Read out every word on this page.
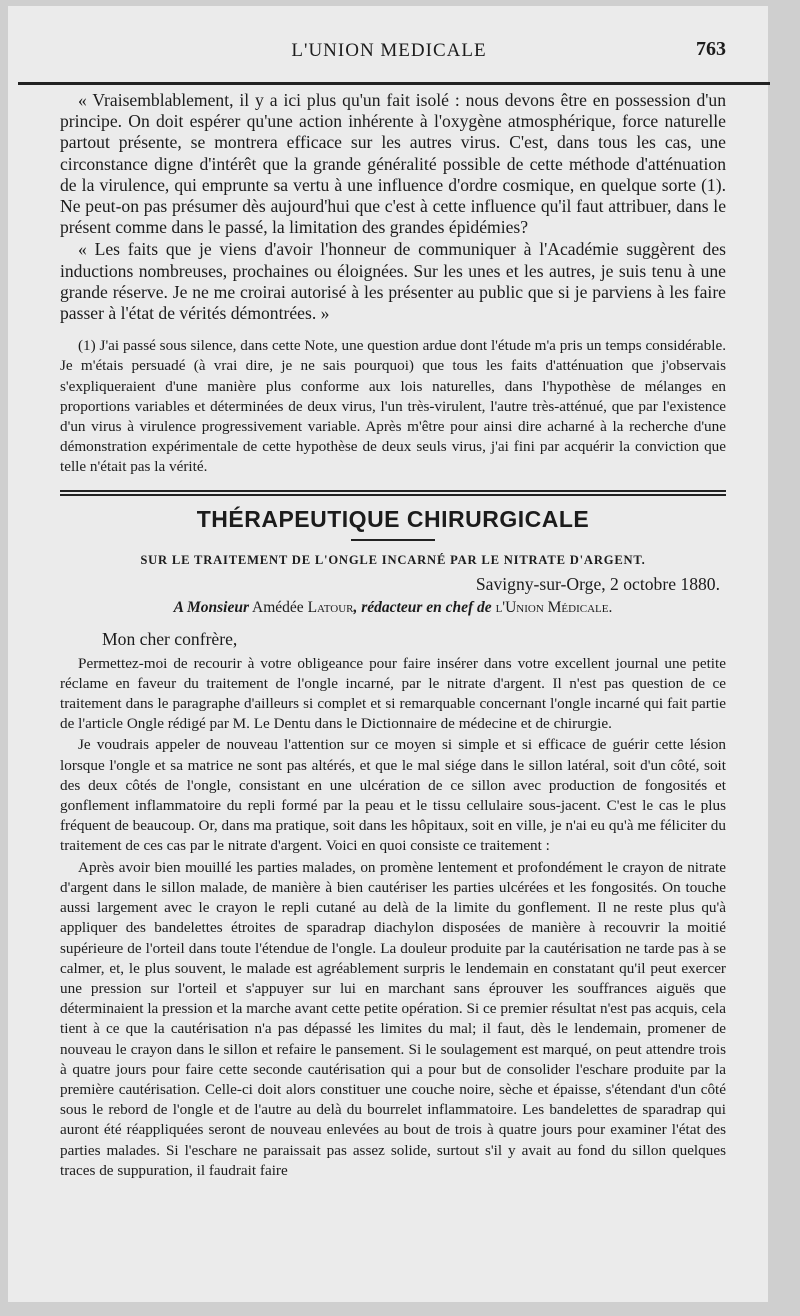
L'UNION MEDICALE	763

« Vraisemblablement, il y a ici plus qu'un fait isolé : nous devons être en possession d'un principe. On doit espérer qu'une action inhérente à l'oxygène atmosphérique, force naturelle partout présente, se montrera efficace sur les autres virus. C'est, dans tous les cas, une circonstance digne d'intérêt que la grande généralité possible de cette méthode d'atténuation de la virulence, qui emprunte sa vertu à une influence d'ordre cosmique, en quelque sorte (1). Ne peut-on pas présumer dès aujourd'hui que c'est à cette influence qu'il faut attribuer, dans le présent comme dans le passé, la limitation des grandes épidémies?

« Les faits que je viens d'avoir l'honneur de communiquer à l'Académie suggèrent des inductions nombreuses, prochaines ou éloignées. Sur les unes et les autres, je suis tenu à une grande réserve. Je ne me croirai autorisé à les présenter au public que si je parviens à les faire passer à l'état de vérités démontrées. »

(1) J'ai passé sous silence, dans cette Note, une question ardue dont l'étude m'a pris un temps considérable. Je m'étais persuadé (à vrai dire, je ne sais pourquoi) que tous les faits d'atténuation que j'observais s'expliqueraient d'une manière plus conforme aux lois naturelles, dans l'hypothèse de mélanges en proportions variables et déterminées de deux virus, l'un très-virulent, l'autre très-atténué, que par l'existence d'un virus à virulence progressivement variable. Après m'être pour ainsi dire acharné à la recherche d'une démonstration expérimentale de cette hypothèse de deux seuls virus, j'ai fini par acquérir la conviction que telle n'était pas la vérité.

THÉRAPEUTIQUE CHIRURGICALE
SUR LE TRAITEMENT DE L'ONGLE INCARNÉ PAR LE NITRATE D'ARGENT.
Savigny-sur-Orge, 2 octobre 1880.
A Monsieur Amédée Latour, rédacteur en chef de l'Union Médicale.
Mon cher confrère,

Permettez-moi de recourir à votre obligeance pour faire insérer dans votre excellent journal une petite réclame en faveur du traitement de l'ongle incarné, par le nitrate d'argent. Il n'est pas question de ce traitement dans le paragraphe d'ailleurs si complet et si remarquable concernant l'ongle incarné qui fait partie de l'article Ongle rédigé par M. Le Dentu dans le Dictionnaire de médecine et de chirurgie.

Je voudrais appeler de nouveau l'attention sur ce moyen si simple et si efficace de guérir cette lésion lorsque l'ongle et sa matrice ne sont pas altérés, et que le mal siége dans le sillon latéral, soit d'un côté, soit des deux côtés de l'ongle, consistant en une ulcération de ce sillon avec production de fongosités et gonflement inflammatoire du repli formé par la peau et le tissu cellulaire sous-jacent. C'est le cas le plus fréquent de beaucoup. Or, dans ma pratique, soit dans les hôpitaux, soit en ville, je n'ai eu qu'à me féliciter du traitement de ces cas par le nitrate d'argent. Voici en quoi consiste ce traitement :

Après avoir bien mouillé les parties malades, on promène lentement et profondément le crayon de nitrate d'argent dans le sillon malade, de manière à bien cautériser les parties ulcérées et les fongosités. On touche aussi largement avec le crayon le repli cutané au delà de la limite du gonflement. Il ne reste plus qu'à appliquer des bandelettes étroites de sparadrap diachylon disposées de manière à recouvrir la moitié supérieure de l'orteil dans toute l'étendue de l'ongle. La douleur produite par la cautérisation ne tarde pas à se calmer, et, le plus souvent, le malade est agréablement surpris le lendemain en constatant qu'il peut exercer une pression sur l'orteil et s'appuyer sur lui en marchant sans éprouver les souffrances aiguës que déterminaient la pression et la marche avant cette petite opération. Si ce premier résultat n'est pas acquis, cela tient à ce que la cautérisation n'a pas dépassé les limites du mal; il faut, dès le lendemain, promener de nouveau le crayon dans le sillon et refaire le pansement. Si le soulagement est marqué, on peut attendre trois à quatre jours pour faire cette seconde cautérisation qui a pour but de consolider l'eschare produite par la première cautérisation. Celle-ci doit alors constituer une couche noire, sèche et épaisse, s'étendant d'un côté sous le rebord de l'ongle et de l'autre au delà du bourrelet inflammatoire. Les bandelettes de sparadrap qui auront été réappliquées seront de nouveau enlevées au bout de trois à quatre jours pour examiner l'état des parties malades. Si l'eschare ne paraissait pas assez solide, surtout s'il y avait au fond du sillon quelques traces de suppuration, il faudrait faire
